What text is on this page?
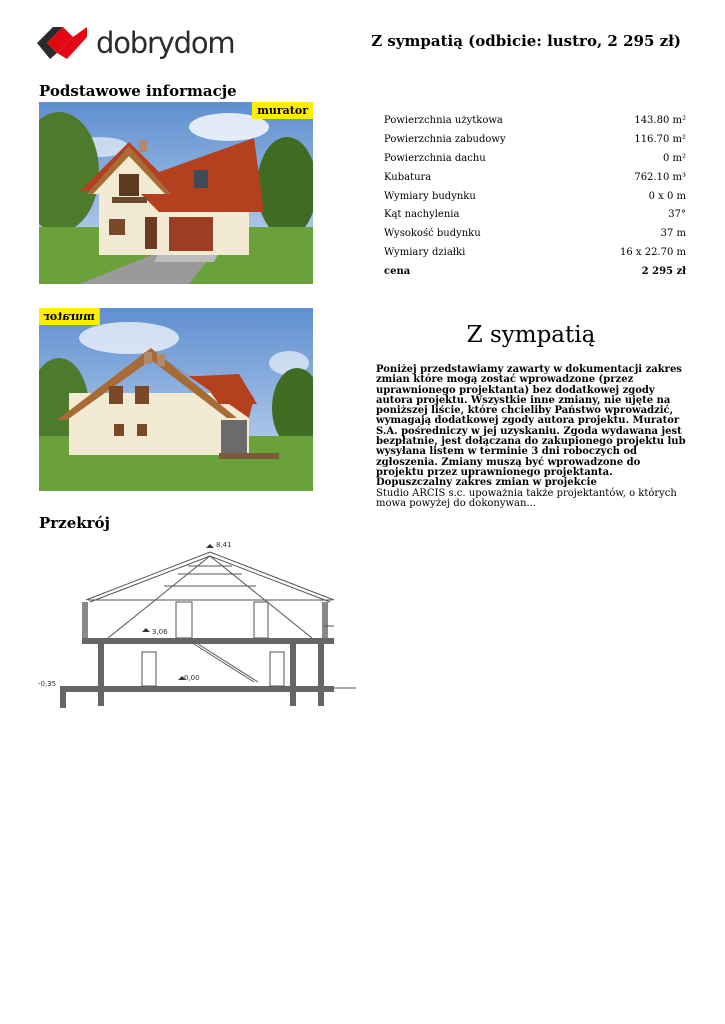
dobrydom	Z sympatią (odbicie: lustro, 2 295 zł)
Podstawowe informacje
murator
Powierzchnia użytkowa	143.80 m²
Powierzchnia zabudowy	116.70 m²
Powierzchnia dachu	0 m²
Kubatura	762.10 m³
Wymiary budynku	0 x 0 m
Kąt nachylenia	37°
Wysokość budynku	37 m
Wymiary działki	16 x 22.70 m
cena	2 295 zł
murator
Z sympatią
Poniżej przedstawiamy zawarty w dokumentacji zakres zmian które mogą zostać wprowadzone (przez uprawnionego projektanta) bez dodatkowej zgody autora projektu. Wszystkie inne zmiany, nie ujęte na poniższej liście, które chcieliby Państwo wprowadzić, wymagają dodatkowej zgody autora projektu. Murator S.A. pośredniczy w jej uzyskaniu. Zgoda wydawana jest bezpłatnie, jest dołączana do zakupionego projektu lub wysyłana listem w terminie 3 dni roboczych od zgłoszenia. Zmiany muszą być wprowadzone do projektu przez uprawnionego projektanta.
Dopuszczalny zakres zmian w projekcie
Studio ARCIS s.c. upoważnia także projektantów, o których mowa powyżej do dokonywan...
Przekrój
8,41
3,06
0,00
-0,35
